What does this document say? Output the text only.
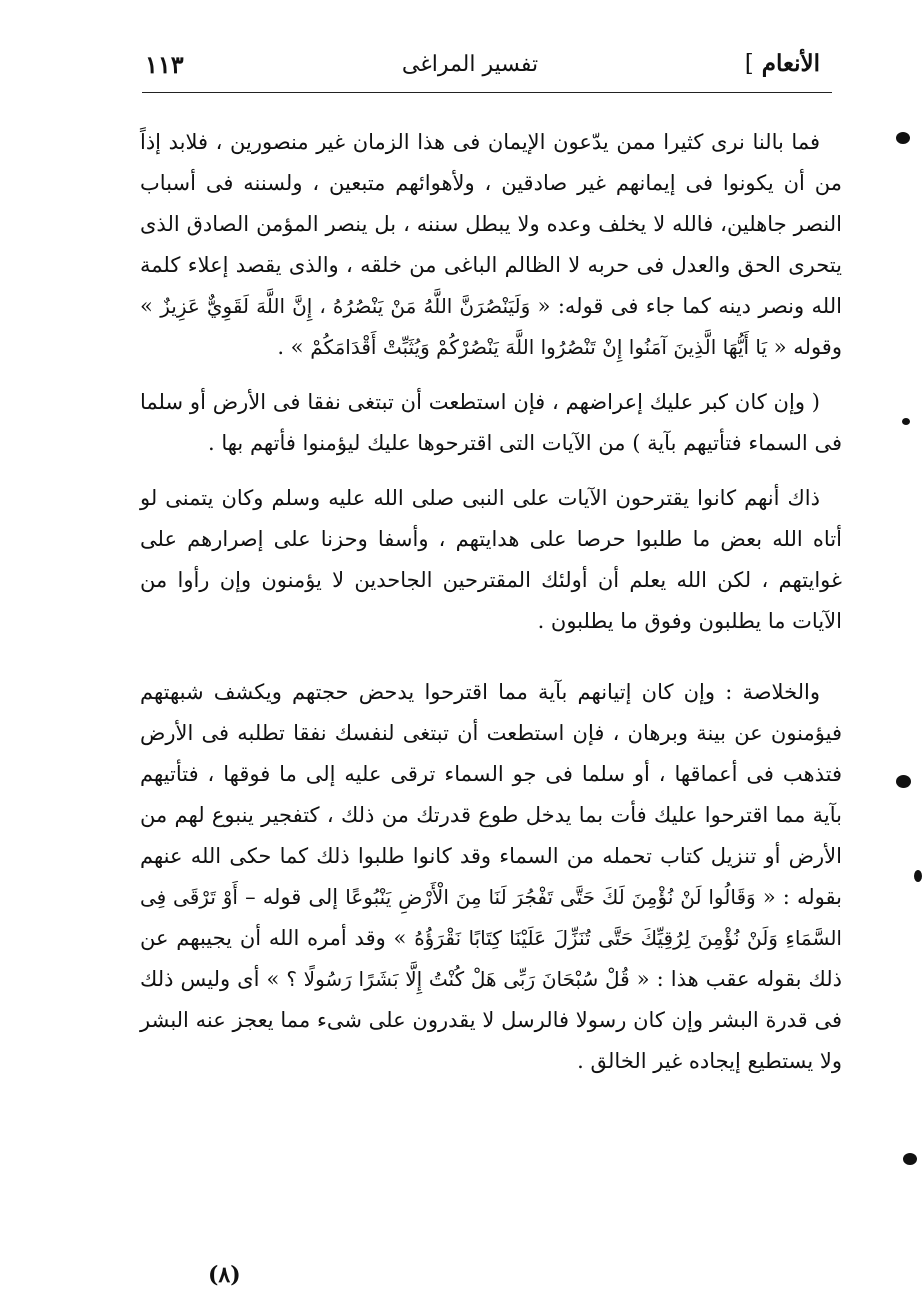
الأنعام ]
تفسير المراغى
١١٣

فما بالنا نرى كثيرا ممن يدّعون الإيمان فى هذا الزمان غير منصورين ، فلابد إذاً من أن يكونوا فى إيمانهم غير صادقين ، ولأهوائهم متبعين ، ولسننه فى أسباب النصر جاهلين، فالله لا يخلف وعده ولا يبطل سننه ، بل ينصر المؤمن الصادق الذى يتحرى الحق والعدل فى حربه لا الظالم الباغى من خلقه ، والذى يقصد إعلاء كلمة الله ونصر دينه كما جاء فى قوله: « وَلَيَنْصُرَنَّ اللَّهُ مَنْ يَنْصُرُهُ ، إِنَّ اللَّهَ لَقَوِيٌّ عَزِيزٌ » وقوله « يَا أَيُّهَا الَّذِينَ آمَنُوا إِنْ تَنْصُرُوا اللَّهَ يَنْصُرْكُمْ وَيُثَبِّتْ أَقْدَامَكُمْ » .

( وإن كان كبر عليك إعراضهم ، فإن استطعت أن تبتغى نفقا فى الأرض أو سلما فى السماء فتأتيهم بآية ) من الآيات التى اقترحوها عليك ليؤمنوا فأتهم بها .

ذاك أنهم كانوا يقترحون الآيات على النبى صلى الله عليه وسلم وكان يتمنى لو أتاه الله بعض ما طلبوا حرصا على هدايتهم ، وأسفا وحزنا على إصرارهم على غوايتهم ، لكن الله يعلم أن أولئك المقترحين الجاحدين لا يؤمنون وإن رأوا من الآيات ما يطلبون وفوق ما يطلبون .

والخلاصة : وإن كان إتيانهم بآية مما اقترحوا يدحض حجتهم ويكشف شبهتهم فيؤمنون عن بينة وبرهان ، فإن استطعت أن تبتغى لنفسك نفقا تطلبه فى الأرض فتذهب فى أعماقها ، أو سلما فى جو السماء ترقى عليه إلى ما فوقها ، فتأتيهم بآية مما اقترحوا عليك فأت بما يدخل طوع قدرتك من ذلك ، كتفجير ينبوع لهم من الأرض أو تنزيل كتاب تحمله من السماء وقد كانوا طلبوا ذلك كما حكى الله عنهم بقوله : « وَقَالُوا لَنْ نُؤْمِنَ لَكَ حَتَّى تَفْجُرَ لَنَا مِنَ الْأَرْضِ يَنْبُوعًا إلى قوله – أَوْ تَرْقَى فِى السَّمَاءِ وَلَنْ نُؤْمِنَ لِرُقِيِّكَ حَتَّى تُنَزِّلَ عَلَيْنَا كِتَابًا نَقْرَؤُهُ » وقد أمره الله أن يجيبهم عن ذلك بقوله عقب هذا : « قُلْ سُبْحَانَ رَبِّى هَلْ كُنْتُ إِلَّا بَشَرًا رَسُولًا ؟ » أى وليس ذلك فى قدرة البشر وإن كان رسولا فالرسل لا يقدرون على شىء مما يعجز عنه البشر ولا يستطيع إيجاده غير الخالق .

(٨)
